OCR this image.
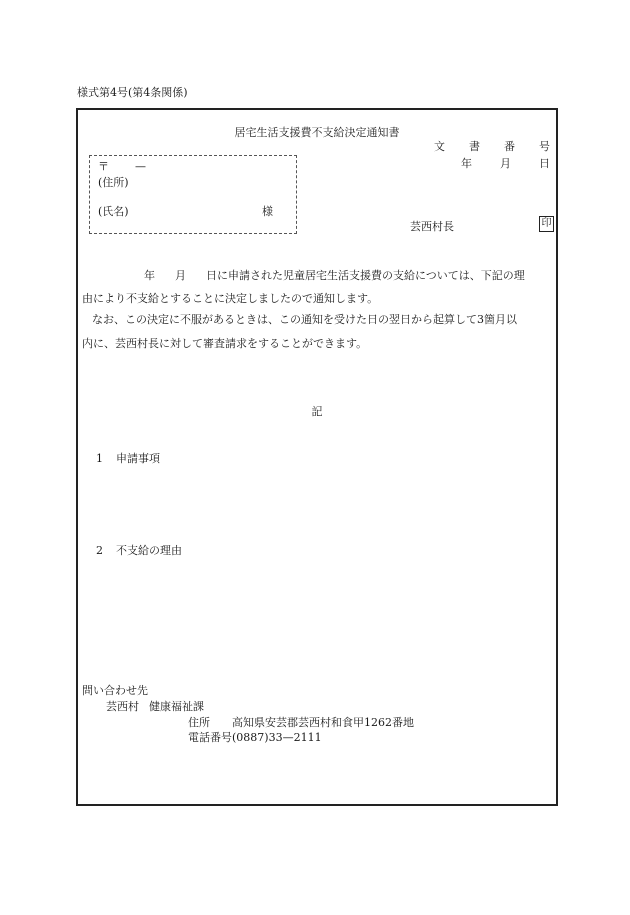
様式第4号(第4条関係)
居宅生活支援費不支給決定通知書
文 書 番 号
年	月	日
〒 —
(住所)
(氏名)	様
芸西村長	印
年 月 日に申請された児童居宅生活支援費の支給については、下記の理
由により不支給とすることに決定しましたので通知します。
なお、この決定に不服があるときは、この通知を受けた日の翌日から起算して3箇月以
内に、芸西村長に対して審査請求をすることができます。
記
1 申請事項
2 不支給の理由
問い合わせ先
芸西村 健康福祉課
住所 高知県安芸郡芸西村和食甲1262番地
電話番号(0887)33—2111
